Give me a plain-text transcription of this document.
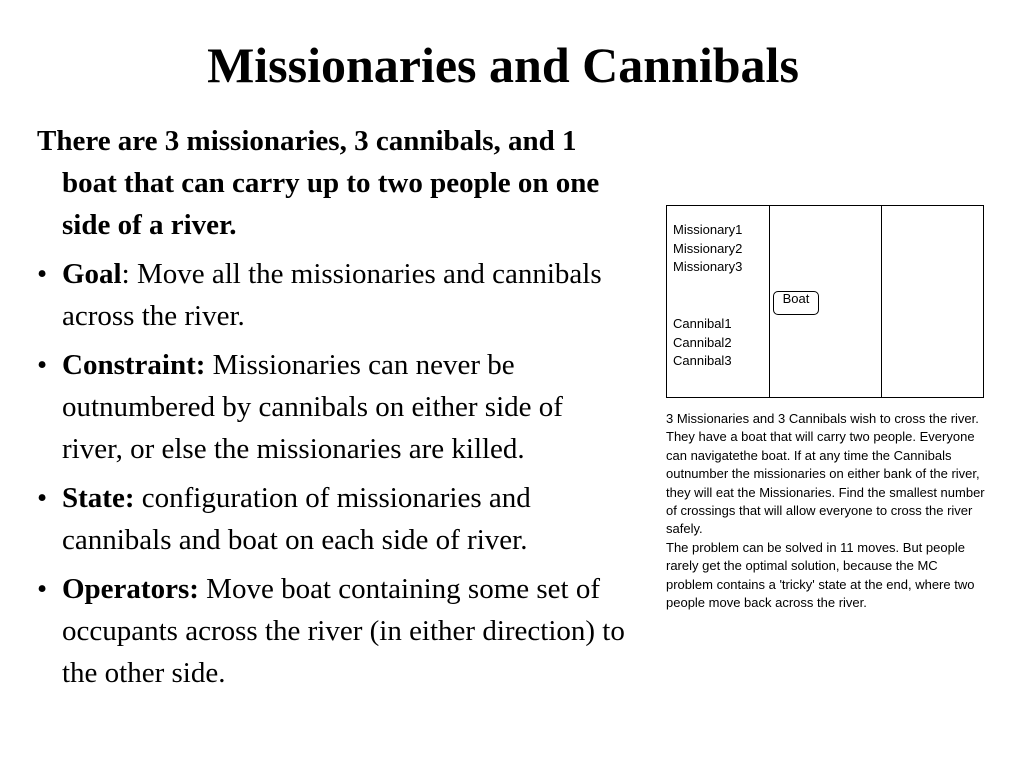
Missionaries and Cannibals

There are 3 missionaries, 3 cannibals, and 1 boat that can carry up to two people on one side of a river.

• Goal: Move all the missionaries and cannibals across the river.
• Constraint: Missionaries can never be outnumbered by cannibals on either side of river, or else the missionaries are killed.
• State: configuration of missionaries and cannibals and boat on each side of river.
• Operators: Move boat containing some set of occupants across the river (in either direction) to the other side.
Missionary1
Missionary2
Missionary3
Boat
Cannibal1
Cannibal2
Cannibal3

3 Missionaries and 3 Cannibals wish to cross the river. They have a boat that will carry two people. Everyone can navigatethe boat. If at any time the Cannibals outnumber the missionaries on either bank of the river, they will eat the Missionaries. Find the smallest number of crossings that will allow everyone to cross the river safely.

The problem can be solved in 11 moves. But people rarely get the optimal solution, because the MC problem contains a 'tricky' state at the end, where two people move back across the river.
